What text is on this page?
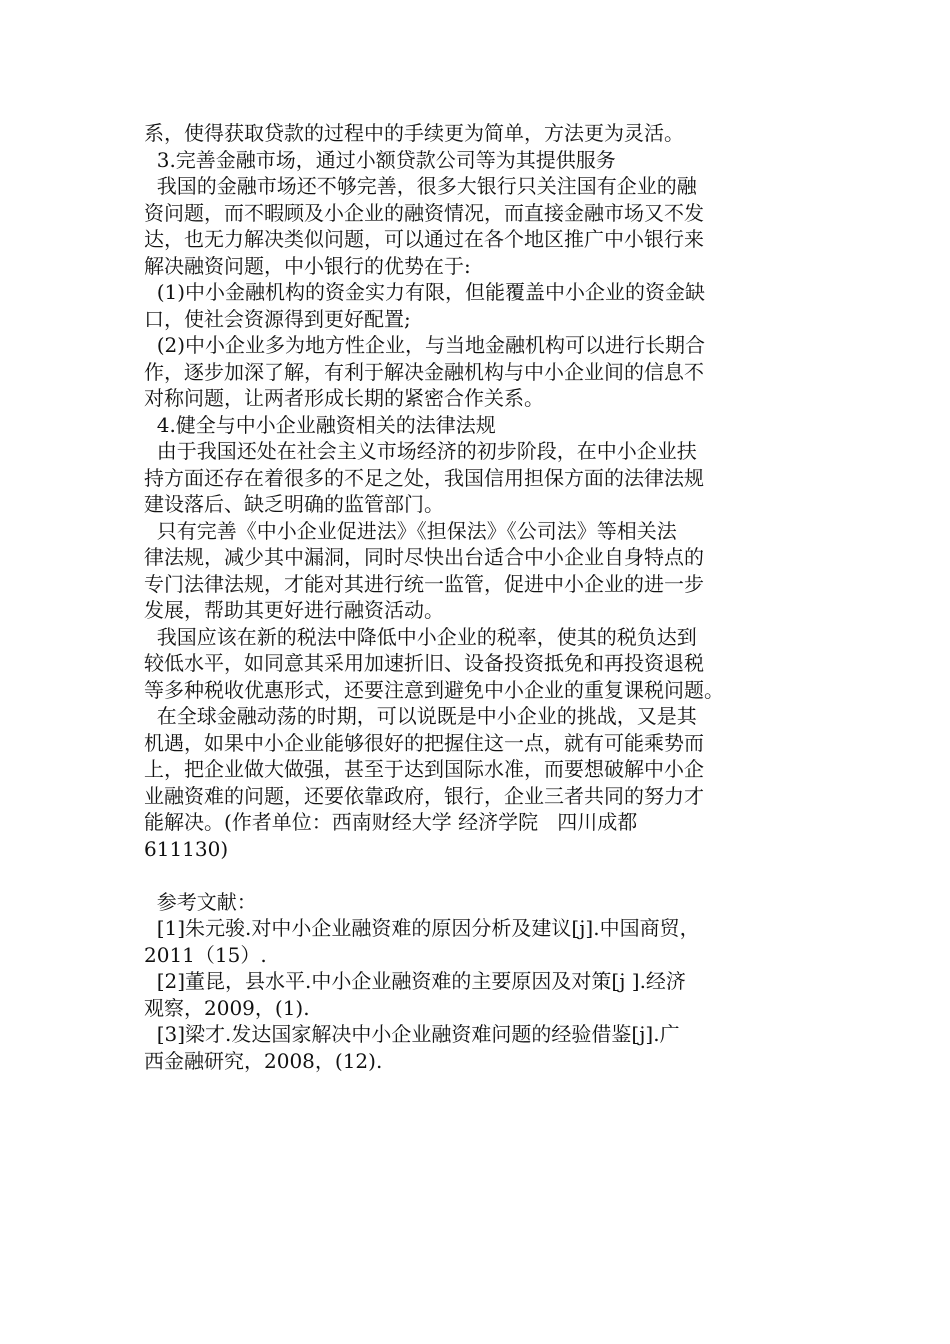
系，使得获取贷款的过程中的手续更为简单，方法更为灵活。
3.完善金融市场，通过小额贷款公司等为其提供服务
我国的金融市场还不够完善，很多大银行只关注国有企业的融
资问题，而不暇顾及小企业的融资情况，而直接金融市场又不发
达，也无力解决类似问题，可以通过在各个地区推广中小银行来
解决融资问题，中小银行的优势在于:
(1)中小金融机构的资金实力有限，但能覆盖中小企业的资金缺
口，使社会资源得到更好配置;
(2)中小企业多为地方性企业，与当地金融机构可以进行长期合
作，逐步加深了解，有利于解决金融机构与中小企业间的信息不
对称问题，让两者形成长期的紧密合作关系。
4.健全与中小企业融资相关的法律法规
由于我国还处在社会主义市场经济的初步阶段，在中小企业扶
持方面还存在着很多的不足之处，我国信用担保方面的法律法规
建设落后、缺乏明确的监管部门。
只有完善《中小企业促进法》《担保法》《公司法》等相关法
律法规，减少其中漏洞，同时尽快出台适合中小企业自身特点的
专门法律法规，才能对其进行统一监管，促进中小企业的进一步
发展，帮助其更好进行融资活动。
我国应该在新的税法中降低中小企业的税率，使其的税负达到
较低水平，如同意其采用加速折旧、设备投资抵免和再投资退税
等多种税收优惠形式，还要注意到避免中小企业的重复课税问题。
在全球金融动荡的时期，可以说既是中小企业的挑战，又是其
机遇，如果中小企业能够很好的把握住这一点，就有可能乘势而
上，把企业做大做强，甚至于达到国际水准，而要想破解中小企
业融资难的问题，还要依靠政府，银行，企业三者共同的努力才
能解决。(作者单位：西南财经大学 经济学院   四川成都
611130)
参考文献：
[1]朱元骏.对中小企业融资难的原因分析及建议[j].中国商贸，
2011（15）.
[2]董昆，县水平.中小企业融资难的主要原因及对策[j ].经济
观察，2009，(1).
[3]梁才.发达国家解决中小企业融资难问题的经验借鉴[j].广
西金融研究，2008，(12).
